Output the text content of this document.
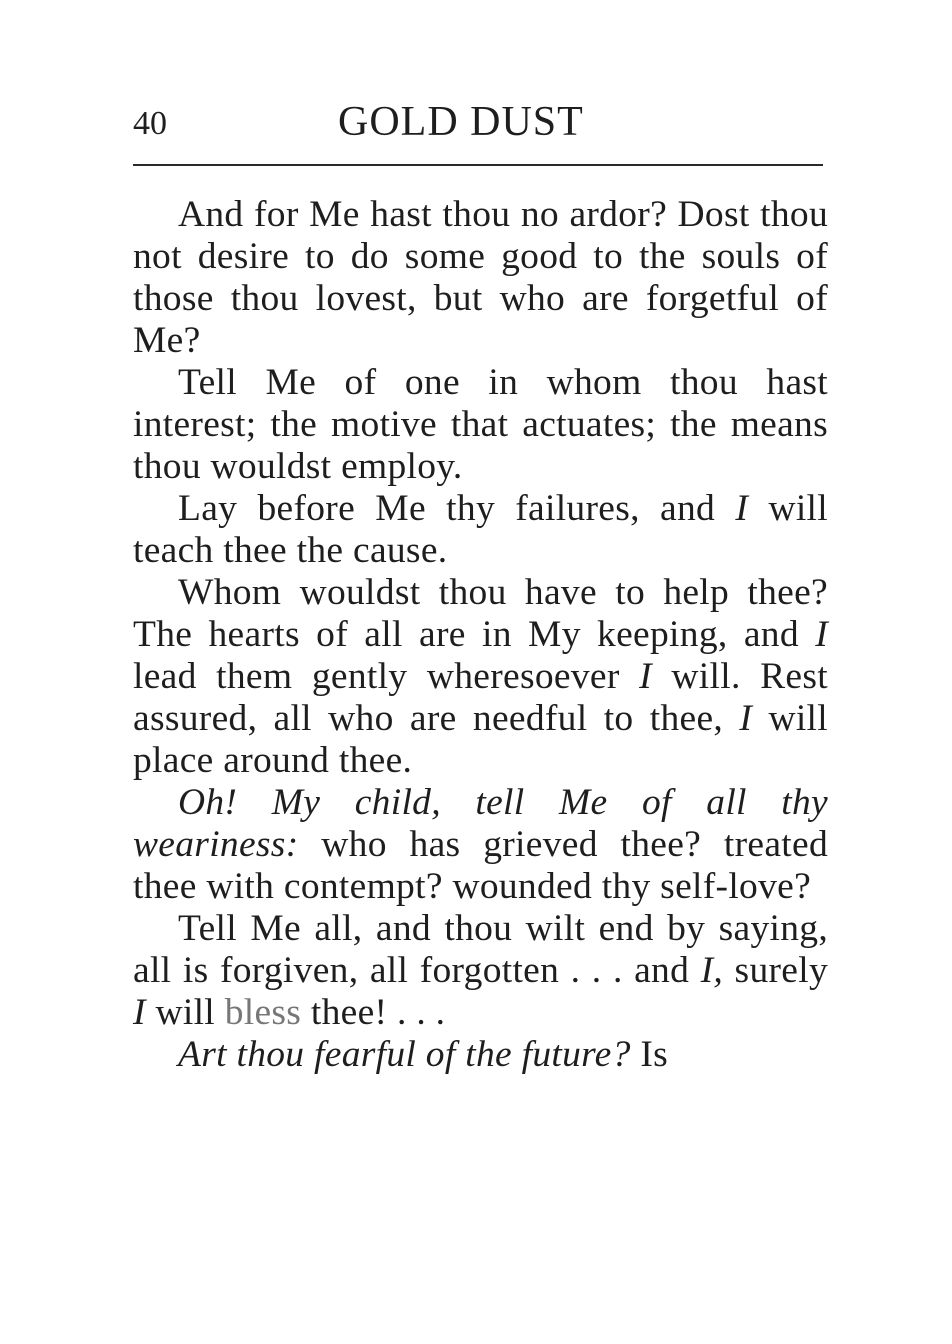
40	GOLD DUST

And for Me hast thou no ardor? Dost thou not desire to do some good to the souls of those thou lovest, but who are forgetful of Me?

Tell Me of one in whom thou hast interest; the motive that actuates; the means thou wouldst employ.

Lay before Me thy failures, and I will teach thee the cause.

Whom wouldst thou have to help thee? The hearts of all are in My keeping, and I lead them gently wheresoever I will. Rest assured, all who are needful to thee, I will place around thee.

Oh! My child, tell Me of all thy weariness: who has grieved thee? treated thee with contempt? wounded thy self-love?

Tell Me all, and thou wilt end by saying, all is forgiven, all forgotten . . . and I, surely I will bless thee! . . .

Art thou fearful of the future? Is
